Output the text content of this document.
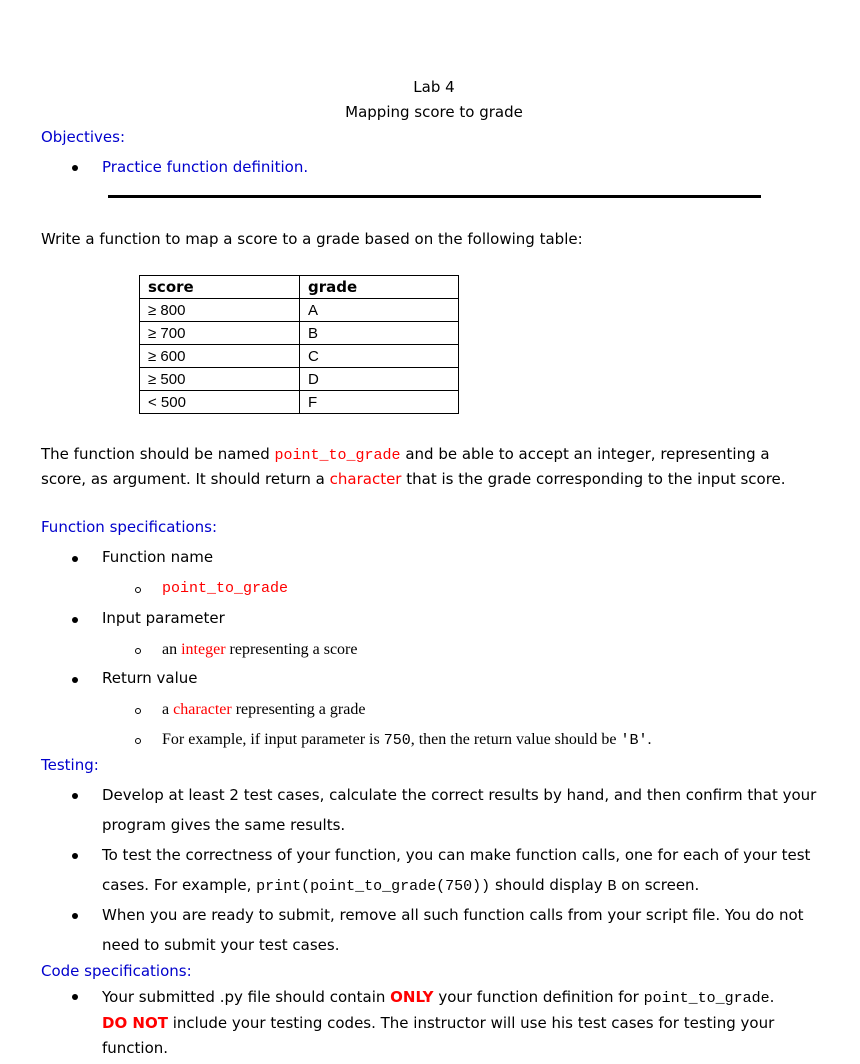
Lab 4
Mapping score to grade
Objectives:
Practice function definition.
Write a function to map a score to a grade based on the following table:
score	grade
≥ 800	A
≥ 700	B
≥ 600	C
≥ 500	D
< 500	F
The function should be named point_to_grade and be able to accept an integer, representing a
score, as argument. It should return a character that is the grade corresponding to the input score.
Function specifications:
Function name
point_to_grade
Input parameter
an integer representing a score
Return value
a character representing a grade
For example, if input parameter is 750, then the return value should be 'B'.
Testing:
Develop at least 2 test cases, calculate the correct results by hand, and then confirm that your
program gives the same results.
To test the correctness of your function, you can make function calls, one for each of your test
cases. For example, print(point_to_grade(750)) should display B on screen.
When you are ready to submit, remove all such function calls from your script file. You do not
need to submit your test cases.
Code specifications:
Your submitted .py file should contain ONLY your function definition for point_to_grade.
DO NOT include your testing codes. The instructor will use his test cases for testing your
function.
